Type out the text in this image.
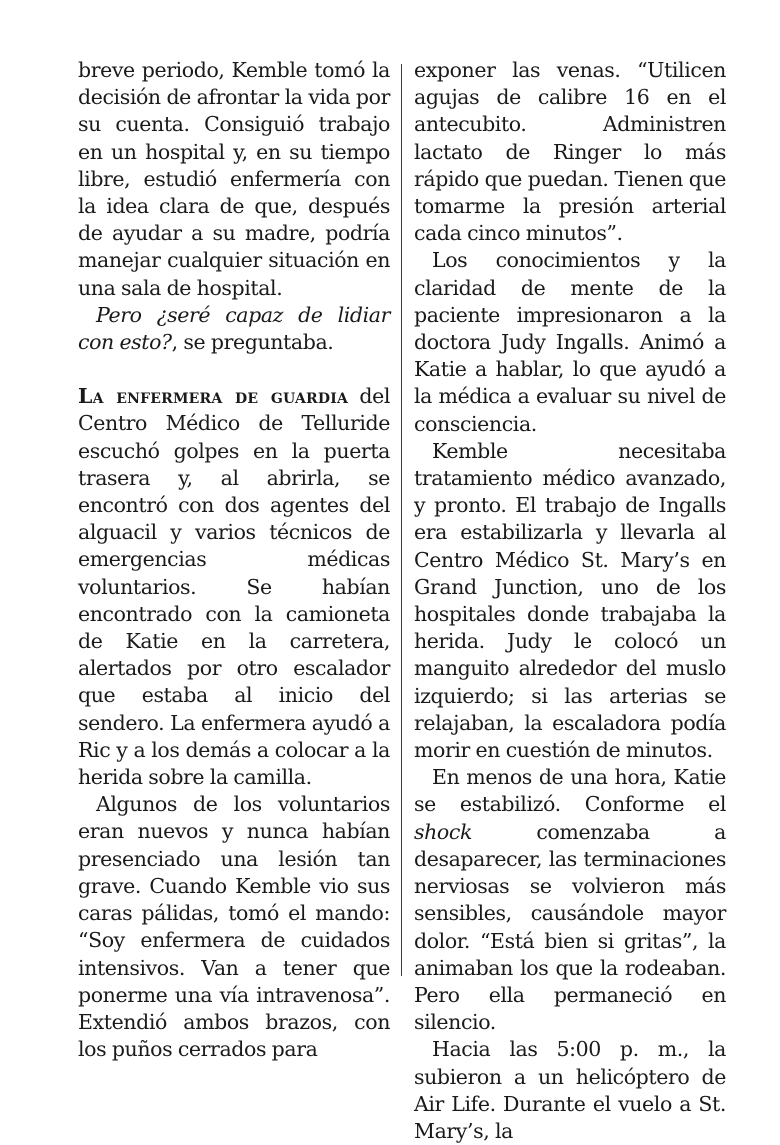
breve periodo, Kemble tomó la decisión de afrontar la vida por su cuenta. Consiguió trabajo en un hospital y, en su tiempo libre, estudió enfermería con la idea clara de que, después de ayudar a su madre, podría manejar cualquier situación en una sala de hospital.

Pero ¿seré capaz de lidiar con esto?, se preguntaba.

La enfermera de guardia del Centro Médico de Telluride escuchó golpes en la puerta trasera y, al abrirla, se encontró con dos agentes del alguacil y varios técnicos de emergencias médicas voluntarios. Se habían encontrado con la camioneta de Katie en la carretera, alertados por otro escalador que estaba al inicio del sendero. La enfermera ayudó a Ric y a los demás a colocar a la herida sobre la camilla.

Algunos de los voluntarios eran nuevos y nunca habían presenciado una lesión tan grave. Cuando Kemble vio sus caras pálidas, tomó el mando: “Soy enfermera de cuidados intensivos. Van a tener que ponerme una vía intravenosa”. Extendió ambos brazos, con los puños cerrados para

exponer las venas. “Utilicen agujas de calibre 16 en el antecubito. Administren lactato de Ringer lo más rápido que puedan. Tienen que tomarme la presión arterial cada cinco minutos”.

Los conocimientos y la claridad de mente de la paciente impresionaron a la doctora Judy Ingalls. Animó a Katie a hablar, lo que ayudó a la médica a evaluar su nivel de consciencia.

Kemble necesitaba tratamiento médico avanzado, y pronto. El trabajo de Ingalls era estabilizarla y llevarla al Centro Médico St. Mary’s en Grand Junction, uno de los hospitales donde trabajaba la herida. Judy le colocó un manguito alrededor del muslo izquierdo; si las arterias se relajaban, la escaladora podía morir en cuestión de minutos.

En menos de una hora, Katie se estabilizó. Conforme el shock comenzaba a desaparecer, las terminaciones nerviosas se volvieron más sensibles, causándole mayor dolor. “Está bien si gritas”, la animaban los que la rodeaban. Pero ella permaneció en silencio.

Hacia las 5:00 p. m., la subieron a un helicóptero de Air Life. Durante el vuelo a St. Mary’s, la
